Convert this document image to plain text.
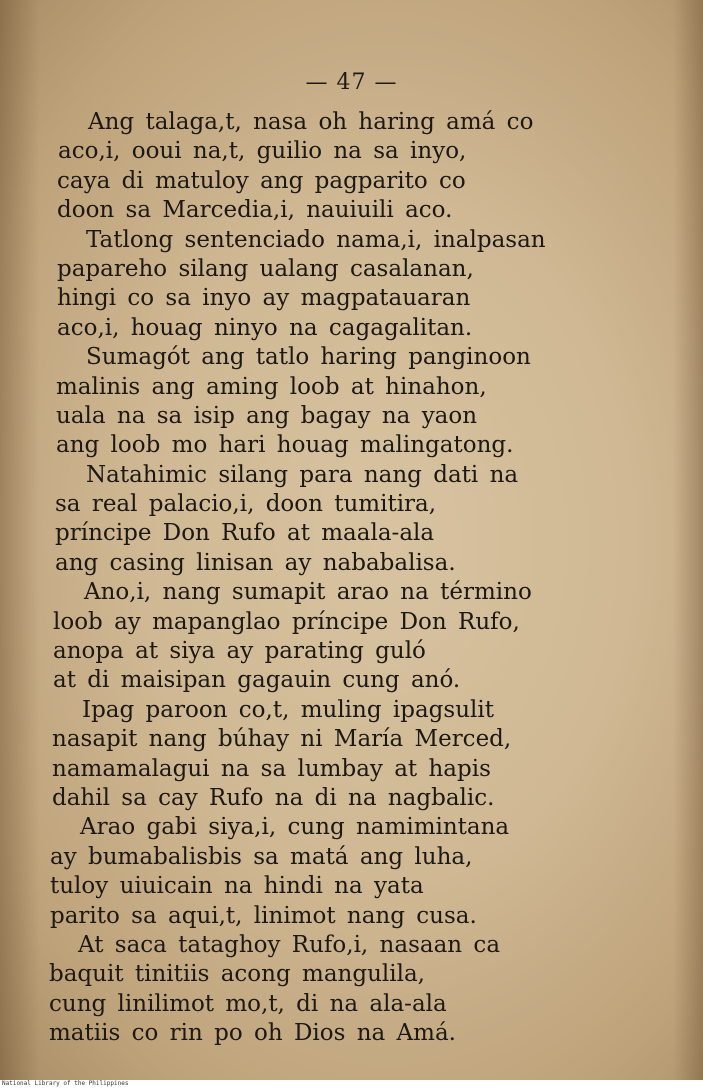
— 47 —
Ang talaga,t, nasa oh haring amá co
aco,i, ooui na,t, guilio na sa inyo,
caya di matuloy ang pagparito co
doon sa Marcedia,i, nauiuili aco.
Tatlong sentenciado nama,i, inalpasan
papareho silang ualang casalanan,
hingi co sa inyo ay magpatauaran
aco,i, houag ninyo na cagagalitan.
Sumagót ang tatlo haring panginoon
malinis ang aming loob at hinahon,
uala na sa isip ang bagay na yaon
ang loob mo hari houag malingatong.
Natahimic silang para nang dati na
sa real palacio,i, doon tumitira,
príncipe Don Rufo at maala-ala
ang casing linisan ay nababalisa.
Ano,i, nang sumapit arao na término
loob ay mapanglao príncipe Don Rufo,
anopa at siya ay parating guló
at di maisipan gagauin cung anó.
Ipag paroon co,t, muling ipagsulit
nasapit nang búhay ni María Merced,
namamalagui na sa lumbay at hapis
dahil sa cay Rufo na di na nagbalic.
Arao gabi siya,i, cung namimintana
ay bumabalisbis sa matá ang luha,
tuloy uiuicain na hindi na yata
parito sa aqui,t, linimot nang cusa.
At saca tataghoy Rufo,i, nasaan ca
baquit tinitiis acong mangulila,
cung linilimot mo,t, di na ala-ala
matiis co rin po oh Dios na Amá.
National Library of the Philippines
